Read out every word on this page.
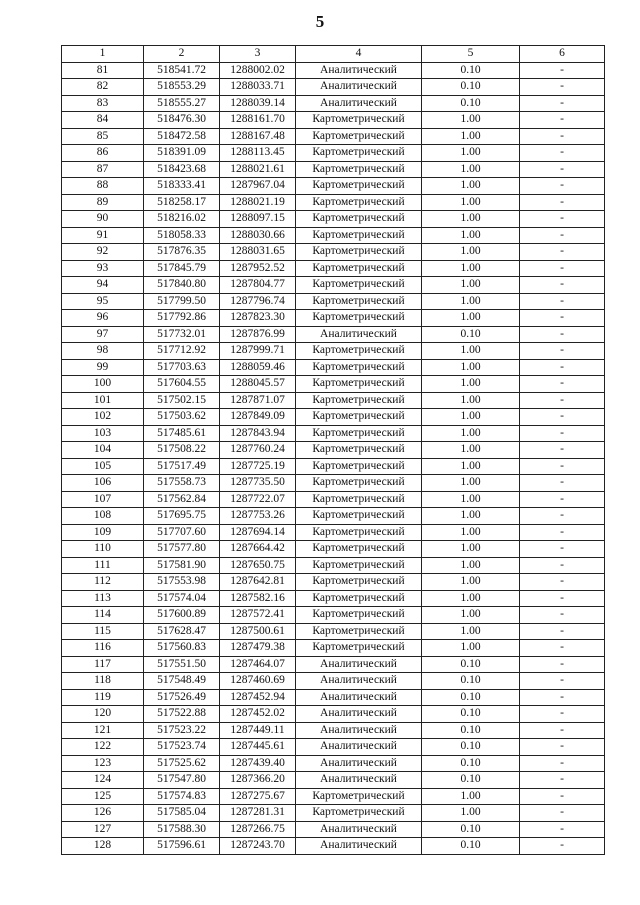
5
1	2	3	4	5	6
81	518541.72	1288002.02	Аналитический	0.10	-
82	518553.29	1288033.71	Аналитический	0.10	-
83	518555.27	1288039.14	Аналитический	0.10	-
84	518476.30	1288161.70	Картометрический	1.00	-
85	518472.58	1288167.48	Картометрический	1.00	-
86	518391.09	1288113.45	Картометрический	1.00	-
87	518423.68	1288021.61	Картометрический	1.00	-
88	518333.41	1287967.04	Картометрический	1.00	-
89	518258.17	1288021.19	Картометрический	1.00	-
90	518216.02	1288097.15	Картометрический	1.00	-
91	518058.33	1288030.66	Картометрический	1.00	-
92	517876.35	1288031.65	Картометрический	1.00	-
93	517845.79	1287952.52	Картометрический	1.00	-
94	517840.80	1287804.77	Картометрический	1.00	-
95	517799.50	1287796.74	Картометрический	1.00	-
96	517792.86	1287823.30	Картометрический	1.00	-
97	517732.01	1287876.99	Аналитический	0.10	-
98	517712.92	1287999.71	Картометрический	1.00	-
99	517703.63	1288059.46	Картометрический	1.00	-
100	517604.55	1288045.57	Картометрический	1.00	-
101	517502.15	1287871.07	Картометрический	1.00	-
102	517503.62	1287849.09	Картометрический	1.00	-
103	517485.61	1287843.94	Картометрический	1.00	-
104	517508.22	1287760.24	Картометрический	1.00	-
105	517517.49	1287725.19	Картометрический	1.00	-
106	517558.73	1287735.50	Картометрический	1.00	-
107	517562.84	1287722.07	Картометрический	1.00	-
108	517695.75	1287753.26	Картометрический	1.00	-
109	517707.60	1287694.14	Картометрический	1.00	-
110	517577.80	1287664.42	Картометрический	1.00	-
111	517581.90	1287650.75	Картометрический	1.00	-
112	517553.98	1287642.81	Картометрический	1.00	-
113	517574.04	1287582.16	Картометрический	1.00	-
114	517600.89	1287572.41	Картометрический	1.00	-
115	517628.47	1287500.61	Картометрический	1.00	-
116	517560.83	1287479.38	Картометрический	1.00	-
117	517551.50	1287464.07	Аналитический	0.10	-
118	517548.49	1287460.69	Аналитический	0.10	-
119	517526.49	1287452.94	Аналитический	0.10	-
120	517522.88	1287452.02	Аналитический	0.10	-
121	517523.22	1287449.11	Аналитический	0.10	-
122	517523.74	1287445.61	Аналитический	0.10	-
123	517525.62	1287439.40	Аналитический	0.10	-
124	517547.80	1287366.20	Аналитический	0.10	-
125	517574.83	1287275.67	Картометрический	1.00	-
126	517585.04	1287281.31	Картометрический	1.00	-
127	517588.30	1287266.75	Аналитический	0.10	-
128	517596.61	1287243.70	Аналитический	0.10	-
